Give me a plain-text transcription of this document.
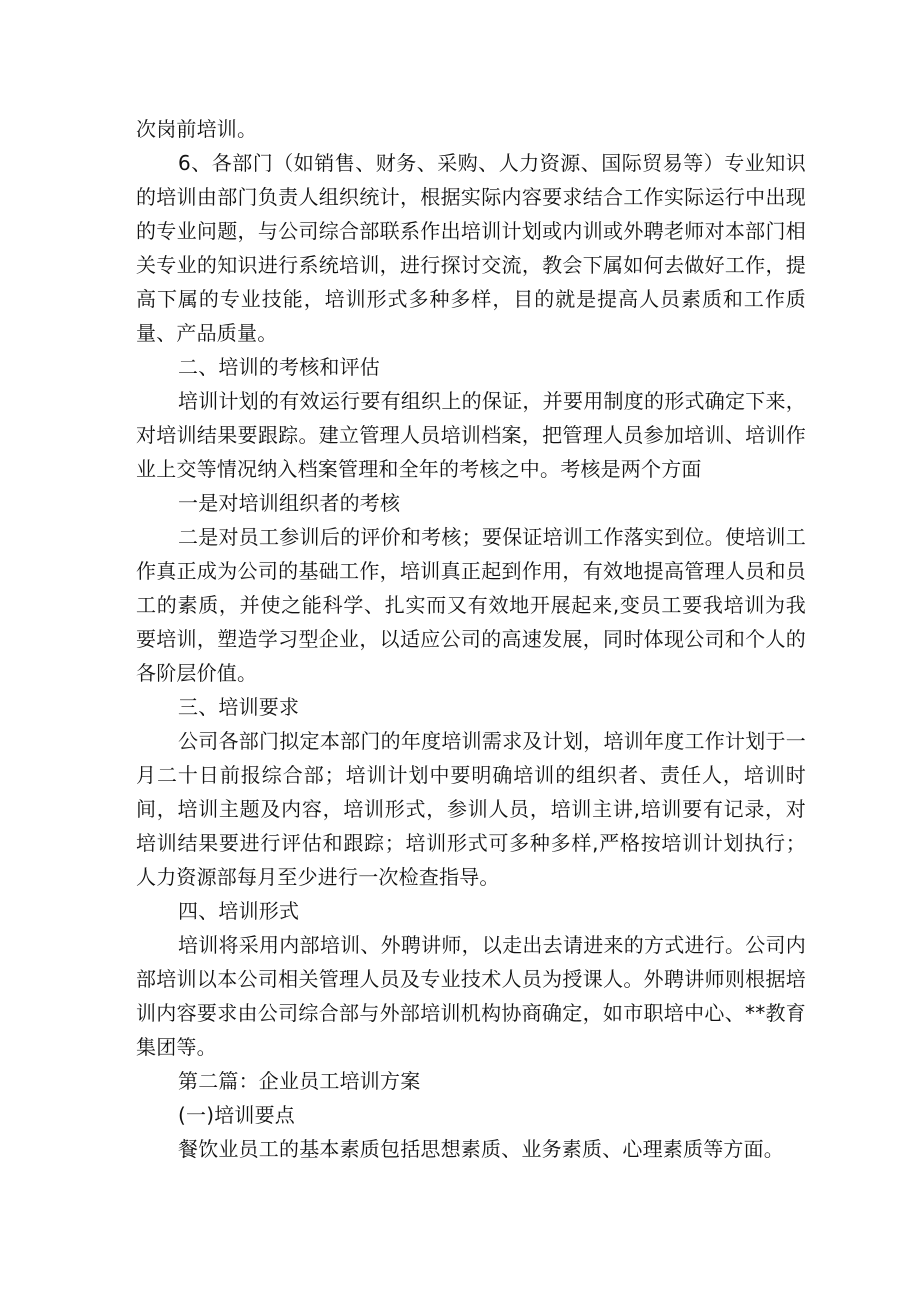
次岗前培训。

6、各部门（如销售、财务、采购、人力资源、国际贸易等）专业知识的培训由部门负责人组织统计，根据实际内容要求结合工作实际运行中出现的专业问题，与公司综合部联系作出培训计划或内训或外聘老师对本部门相关专业的知识进行系统培训，进行探讨交流，教会下属如何去做好工作，提高下属的专业技能，培训形式多种多样，目的就是提高人员素质和工作质量、产品质量。

二、培训的考核和评估

培训计划的有效运行要有组织上的保证，并要用制度的形式确定下来，对培训结果要跟踪。建立管理人员培训档案，把管理人员参加培训、培训作业上交等情况纳入档案管理和全年的考核之中。考核是两个方面

一是对培训组织者的考核

二是对员工参训后的评价和考核；要保证培训工作落实到位。使培训工作真正成为公司的基础工作，培训真正起到作用，有效地提高管理人员和员工的素质，并使之能科学、扎实而又有效地开展起来,变员工要我培训为我要培训，塑造学习型企业，以适应公司的高速发展，同时体现公司和个人的各阶层价值。

三、培训要求

公司各部门拟定本部门的年度培训需求及计划，培训年度工作计划于一月二十日前报综合部；培训计划中要明确培训的组织者、责任人，培训时间，培训主题及内容，培训形式，参训人员，培训主讲,培训要有记录，对培训结果要进行评估和跟踪；培训形式可多种多样,严格按培训计划执行；人力资源部每月至少进行一次检查指导。

四、培训形式

培训将采用内部培训、外聘讲师，以走出去请进来的方式进行。公司内部培训以本公司相关管理人员及专业技术人员为授课人。外聘讲师则根据培训内容要求由公司综合部与外部培训机构协商确定，如市职培中心、**教育集团等。

第二篇：企业员工培训方案

(一)培训要点

餐饮业员工的基本素质包括思想素质、业务素质、心理素质等方面。
